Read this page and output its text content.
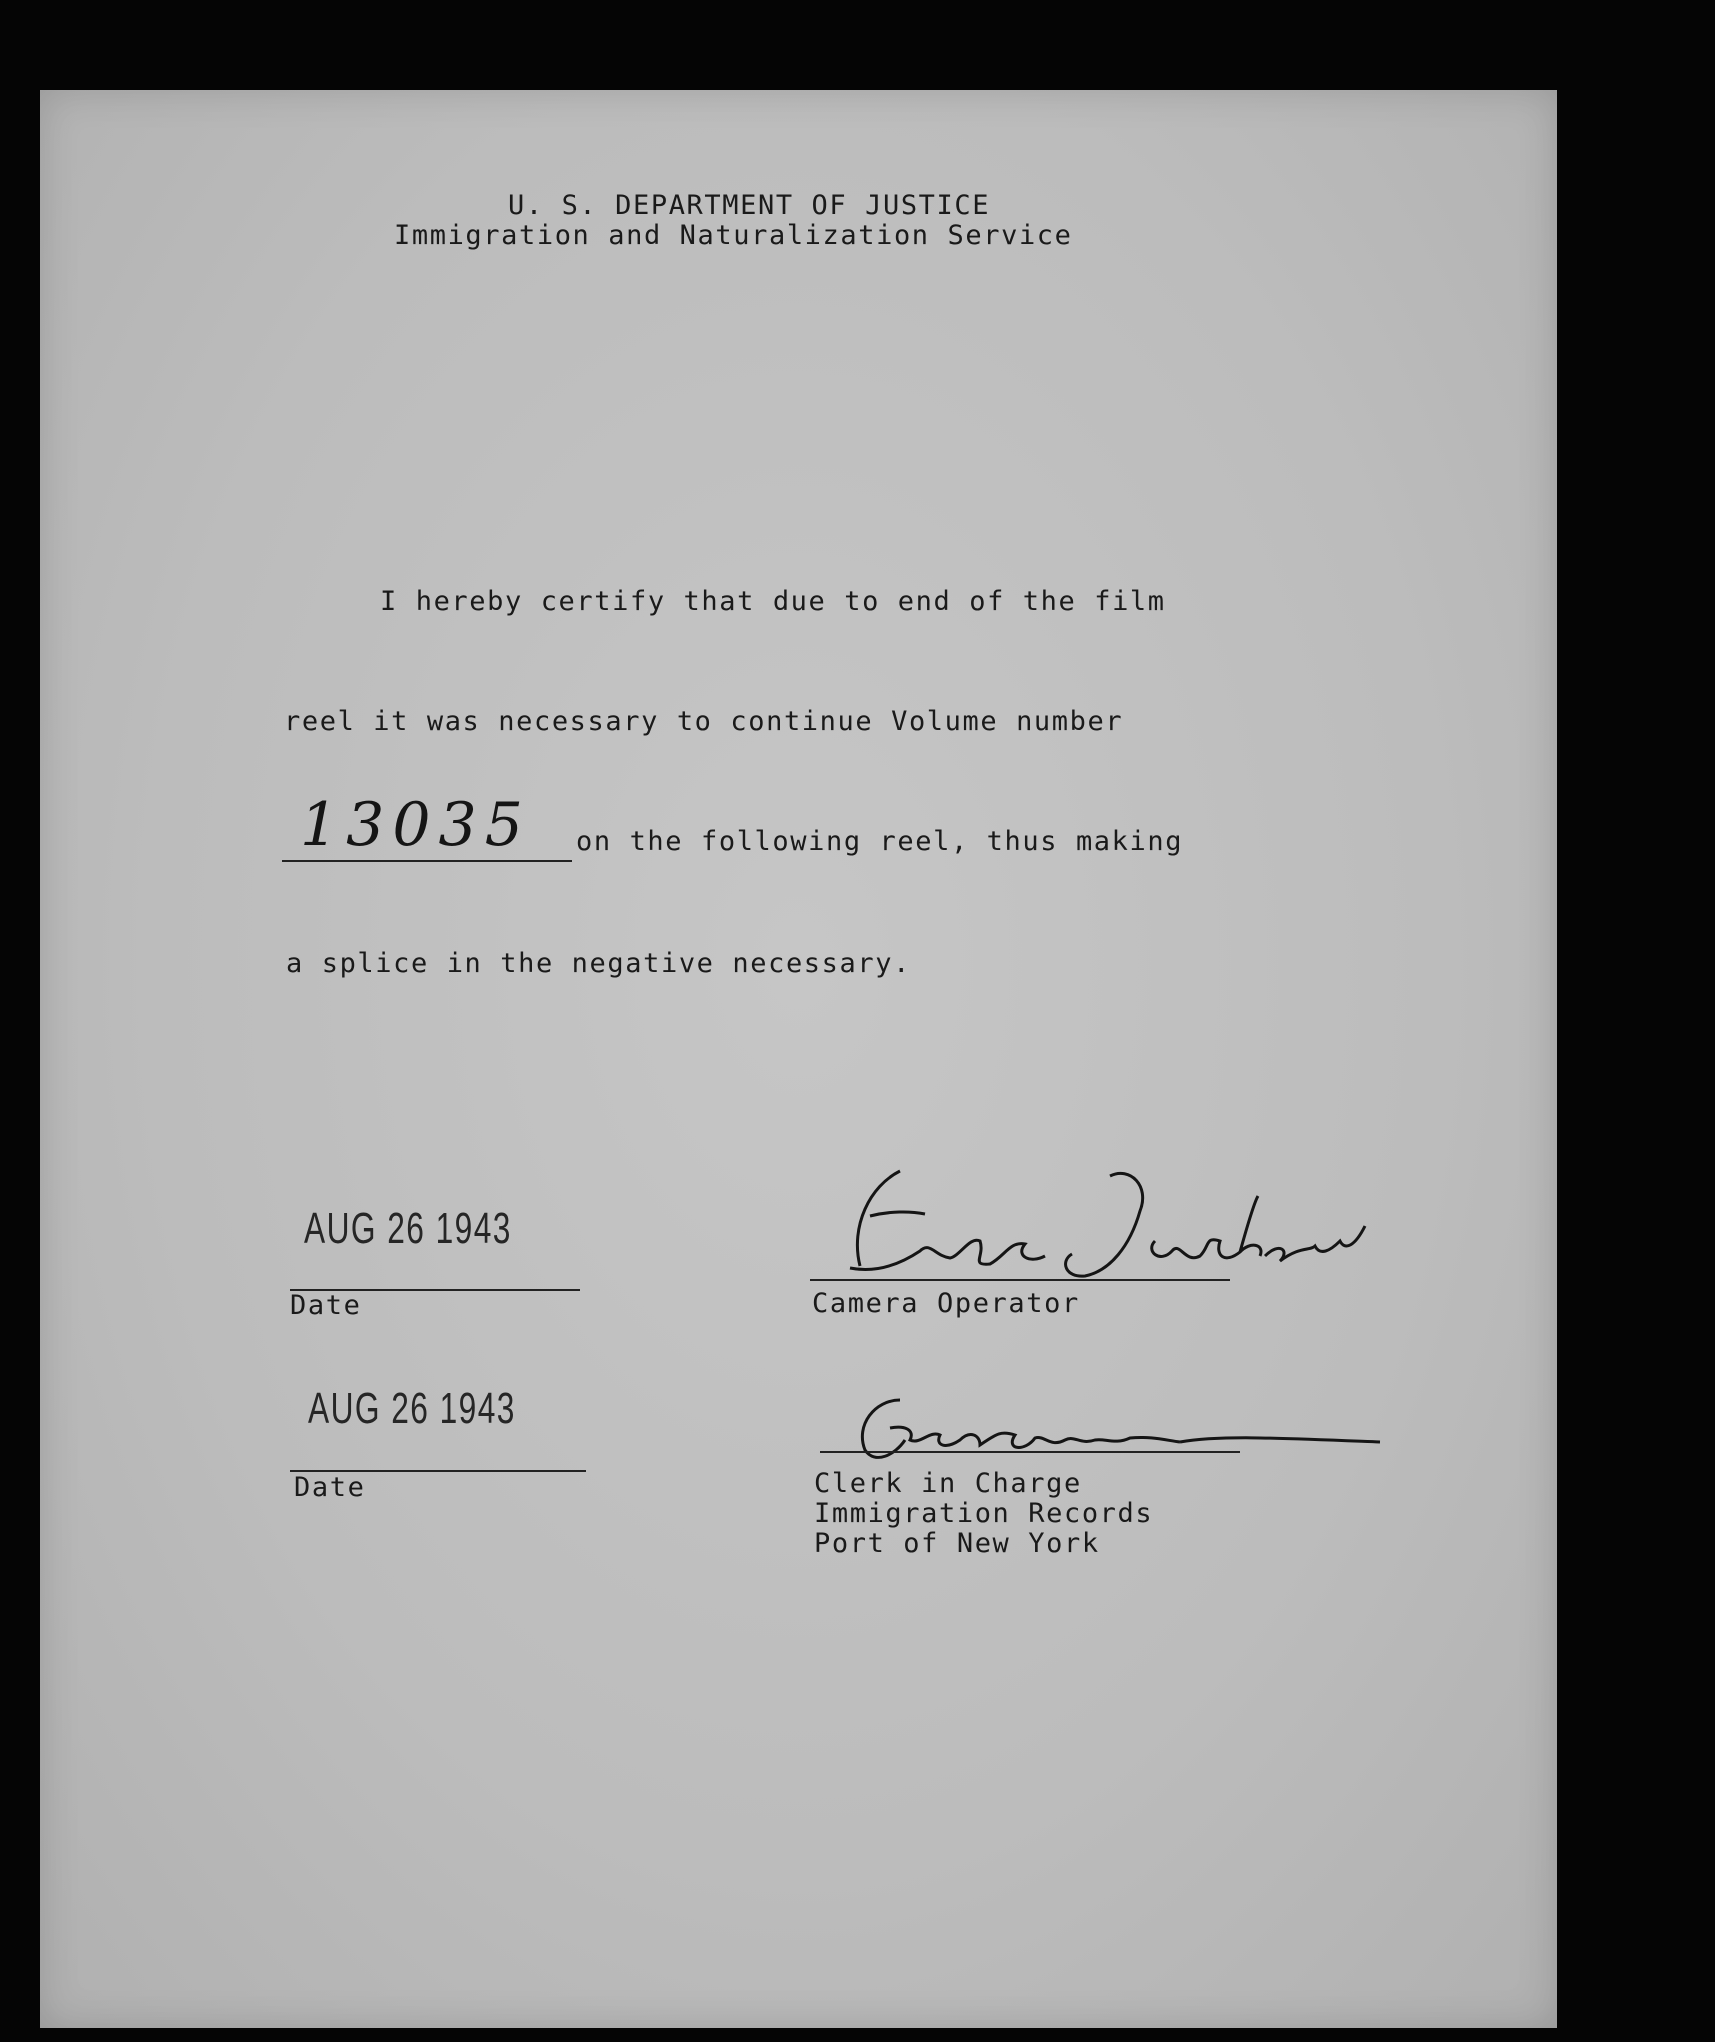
U. S. DEPARTMENT OF JUSTICE
Immigration and Naturalization Service
I hereby certify that due to end of the film
reel it was necessary to continue Volume number
13035 on the following reel, thus making
a splice in the negative necessary.
AUG 26 1943
Date	Camera Operator
AUG 26 1943
Date	Clerk in Charge
Immigration Records
Port of New York
